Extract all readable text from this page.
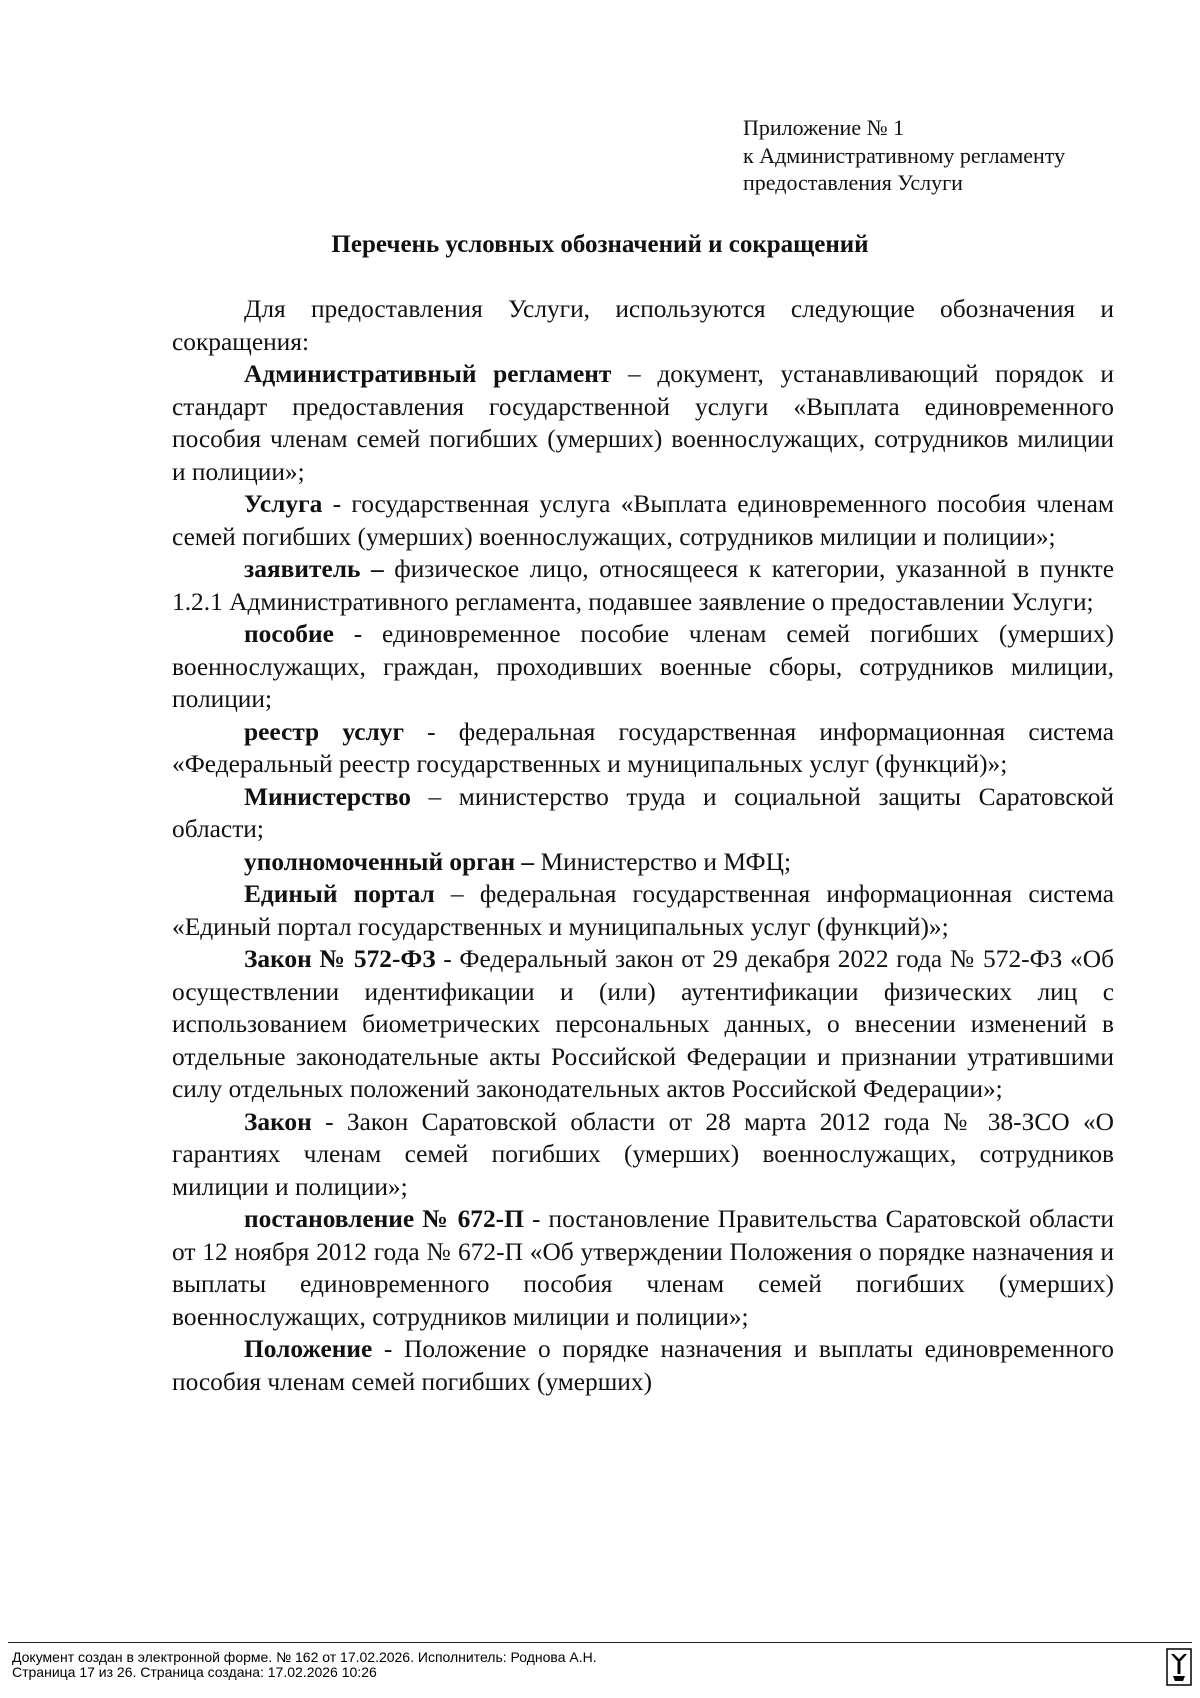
Приложение № 1
к Административному регламенту
предоставления Услуги
Перечень условных обозначений и сокращений

Для предоставления Услуги, используются следующие обозначения и сокращения:

Административный регламент – документ, устанавливающий порядок и стандарт предоставления государственной услуги «Выплата единовременного пособия членам семей погибших (умерших) военнослужащих, сотрудников милиции и полиции»;

Услуга - государственная услуга «Выплата единовременного пособия членам семей погибших (умерших) военнослужащих, сотрудников милиции и полиции»;

заявитель – физическое лицо, относящееся к категории, указанной в пункте 1.2.1 Административного регламента, подавшее заявление о предоставлении Услуги;

пособие - единовременное пособие членам семей погибших (умерших) военнослужащих, граждан, проходивших военные сборы, сотрудников милиции, полиции;

реестр услуг - федеральная государственная информационная система «Федеральный реестр государственных и муниципальных услуг (функций)»;

Министерство – министерство труда и социальной защиты Саратовской области;

уполномоченный орган – Министерство и МФЦ;

Единый портал – федеральная государственная информационная система «Единый портал государственных и муниципальных услуг (функций)»;

Закон № 572-ФЗ - Федеральный закон от 29 декабря 2022 года № 572-ФЗ «Об осуществлении идентификации и (или) аутентификации физических лиц с использованием биометрических персональных данных, о внесении изменений в отдельные законодательные акты Российской Федерации и признании утратившими силу отдельных положений законодательных актов Российской Федерации»;

Закон - Закон Саратовской области от 28 марта 2012 года № 38-ЗСО «О гарантиях членам семей погибших (умерших) военнослужащих, сотрудников милиции и полиции»;

постановление № 672-П - постановление Правительства Саратовской области от 12 ноября 2012 года № 672-П «Об утверждении Положения о порядке назначения и выплаты единовременного пособия членам семей погибших (умерших) военнослужащих, сотрудников милиции и полиции»;

Положение - Положение о порядке назначения и выплаты единовременного пособия членам семей погибших (умерших)

Документ создан в электронной форме. № 162 от 17.02.2026. Исполнитель: Роднова А.Н.
Страница 17 из 26. Страница создана: 17.02.2026 10:26
